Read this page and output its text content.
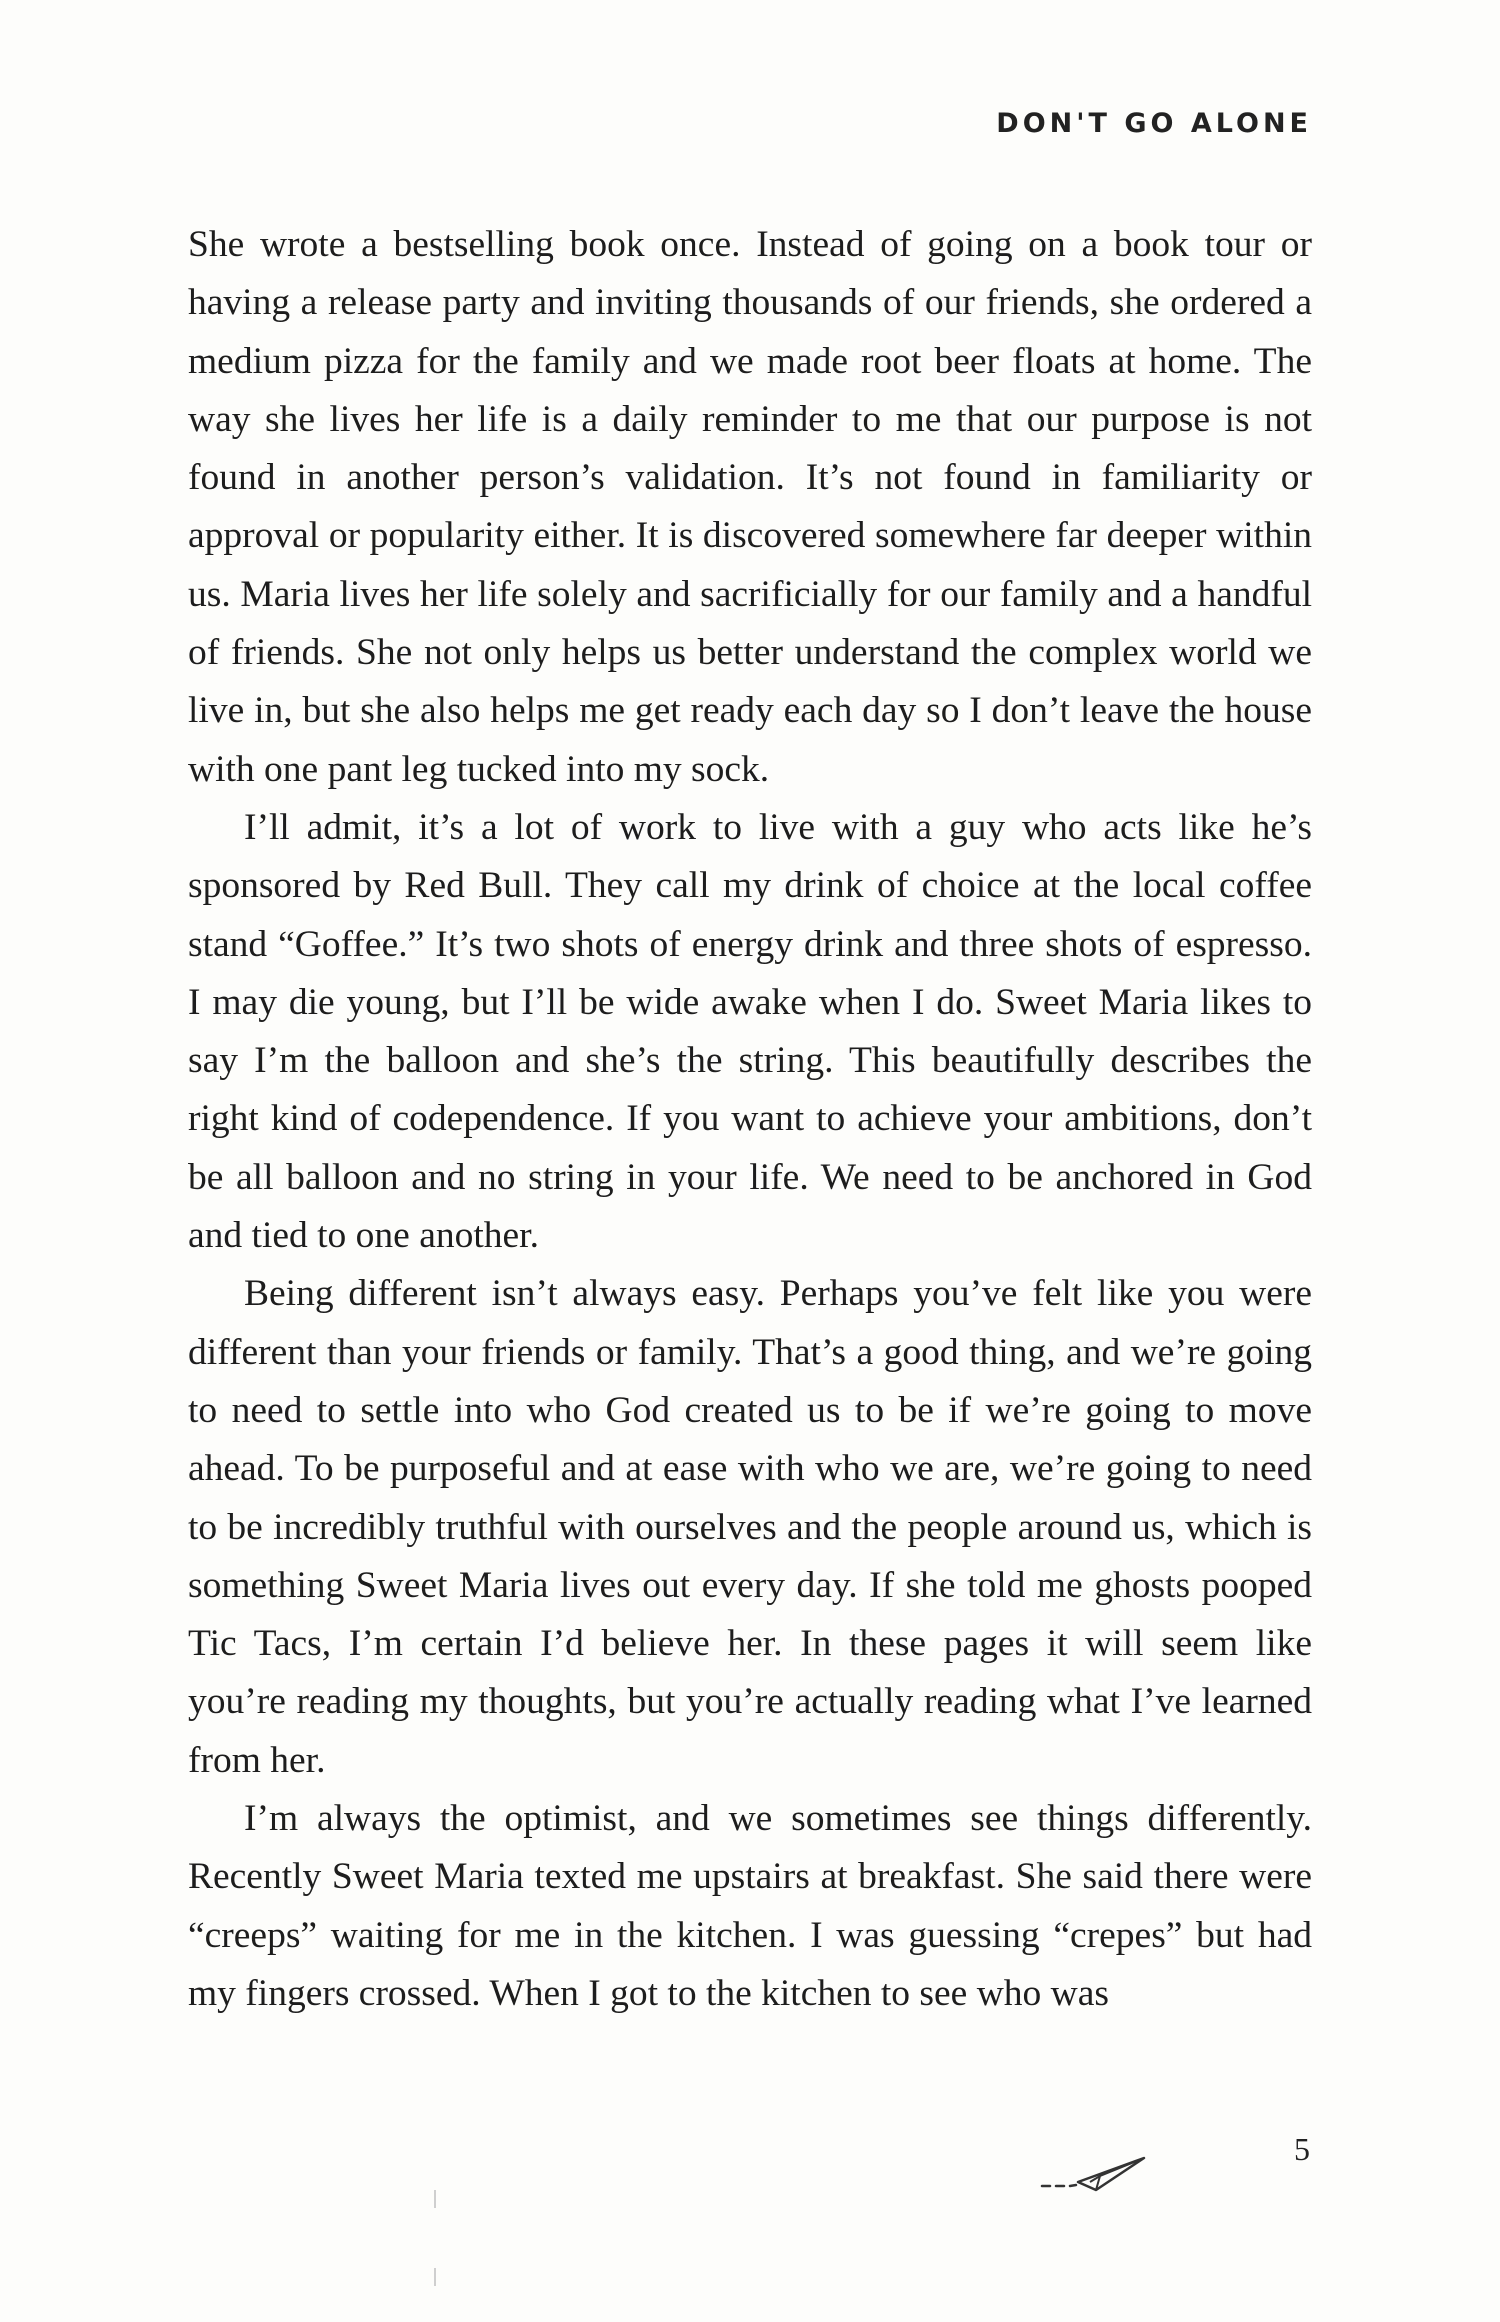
DON'T GO ALONE

She wrote a bestselling book once. Instead of going on a book tour or having a release party and inviting thousands of our friends, she ordered a medium pizza for the family and we made root beer floats at home. The way she lives her life is a daily reminder to me that our purpose is not found in another person’s validation. It’s not found in familiarity or approval or popularity either. It is discovered somewhere far deeper within us. Maria lives her life solely and sacrificially for our family and a handful of friends. She not only helps us better understand the complex world we live in, but she also helps me get ready each day so I don’t leave the house with one pant leg tucked into my sock.

I’ll admit, it’s a lot of work to live with a guy who acts like he’s sponsored by Red Bull. They call my drink of choice at the local coffee stand “Goffee.” It’s two shots of energy drink and three shots of espresso. I may die young, but I’ll be wide awake when I do. Sweet Maria likes to say I’m the balloon and she’s the string. This beautifully describes the right kind of codependence. If you want to achieve your ambitions, don’t be all balloon and no string in your life. We need to be anchored in God and tied to one another.

Being different isn’t always easy. Perhaps you’ve felt like you were different than your friends or family. That’s a good thing, and we’re going to need to settle into who God created us to be if we’re going to move ahead. To be purposeful and at ease with who we are, we’re going to need to be incredibly truthful with ourselves and the people around us, which is something Sweet Maria lives out every day. If she told me ghosts pooped Tic Tacs, I’m certain I’d believe her. In these pages it will seem like you’re reading my thoughts, but you’re actually reading what I’ve learned from her.

I’m always the optimist, and we sometimes see things differently. Recently Sweet Maria texted me upstairs at breakfast. She said there were “creeps” waiting for me in the kitchen. I was guessing “crepes” but had my fingers crossed. When I got to the kitchen to see who was

5
